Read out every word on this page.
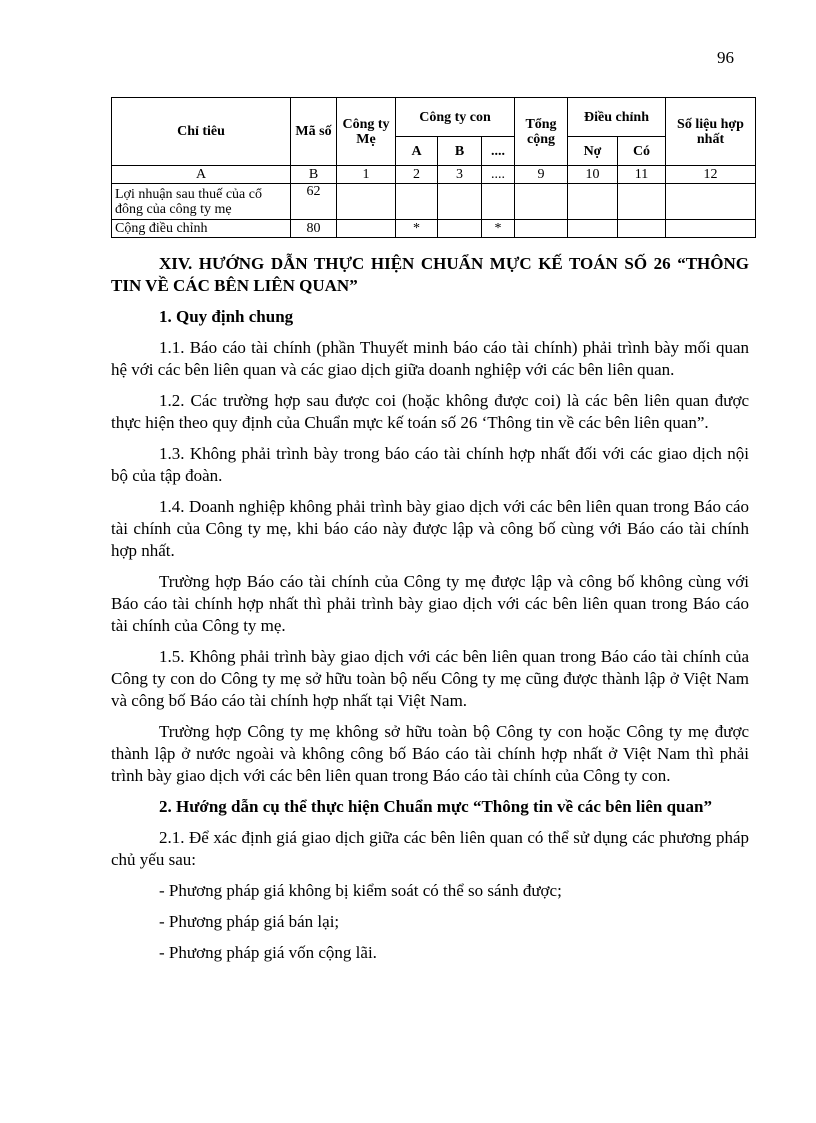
96
Chỉ tiêu	Mã số	Công ty Mẹ	Công ty con			Tổng cộng	Điều chỉnh		Số liệu hợp nhất
			A	B	....		Nợ	Có	
A	B	1	2	3	....	9	10	11	12
Lợi nhuận sau thuế của cổ đông của công ty mẹ	62								
Cộng điều chỉnh	80		*		*				
XIV. HƯỚNG DẪN THỰC HIỆN CHUẨN MỰC KẾ TOÁN SỐ 26 “THÔNG TIN VỀ CÁC BÊN LIÊN QUAN”
1. Quy định chung

1.1. Báo cáo tài chính (phần Thuyết minh báo cáo tài chính) phải trình bày mối quan hệ với các bên liên quan và các giao dịch giữa doanh nghiệp với các bên liên quan.

1.2. Các trường hợp sau được coi (hoặc không được coi) là các bên liên quan được thực hiện theo quy định của Chuẩn mực kế toán số 26 ‘Thông tin về các bên liên quan”.

1.3. Không phải trình bày trong báo cáo tài chính hợp nhất đối với các giao dịch nội bộ của tập đoàn.

1.4. Doanh nghiệp không phải trình bày giao dịch với các bên liên quan trong Báo cáo tài chính của Công ty mẹ, khi báo cáo này được lập và công bố cùng với Báo cáo tài chính hợp nhất.

Trường hợp Báo cáo tài chính của Công ty mẹ được lập và công bố không cùng với Báo cáo tài chính hợp nhất thì phải trình bày giao dịch với các bên liên quan trong Báo cáo tài chính của Công ty mẹ.

1.5. Không phải trình bày giao dịch với các bên liên quan trong Báo cáo tài chính của Công ty con do Công ty mẹ sở hữu toàn bộ nếu Công ty mẹ cũng được thành lập ở Việt Nam và công bố Báo cáo tài chính hợp nhất tại Việt Nam.

Trường hợp Công ty mẹ không sở hữu toàn bộ Công ty con hoặc Công ty mẹ được thành lập ở nước ngoài và không công bố Báo cáo tài chính hợp nhất ở Việt Nam thì phải trình bày giao dịch với các bên liên quan trong Báo cáo tài chính của Công ty con.

2. Hướng dẫn cụ thể thực hiện Chuẩn mực “Thông tin về các bên liên quan”

2.1. Để xác định giá giao dịch giữa các bên liên quan có thể sử dụng các phương pháp chủ yếu sau:

- Phương pháp giá không bị kiểm soát có thể so sánh được;

- Phương pháp giá bán lại;

- Phương pháp giá vốn cộng lãi.
